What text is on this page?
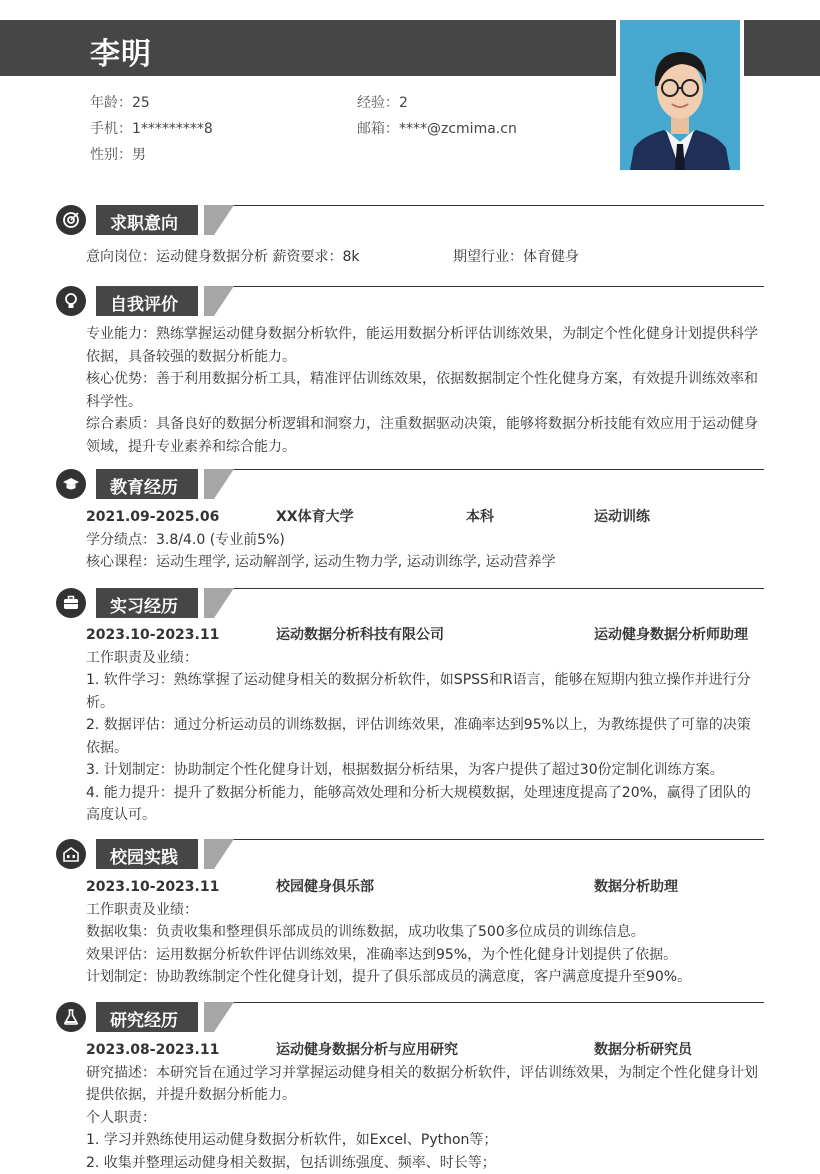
李明
年龄：25	经验：2
手机：1*********8	邮箱：****@zcmima.cn
性别：男
求职意向
意向岗位：运动健身数据分析 薪资要求：8k	期望行业：体育健身
自我评价

专业能力：熟练掌握运动健身数据分析软件，能运用数据分析评估训练效果，为制定个性化健身计划提供科学依据，具备较强的数据分析能力。

核心优势：善于利用数据分析工具，精准评估训练效果，依据数据制定个性化健身方案，有效提升训练效率和科学性。

综合素质：具备良好的数据分析逻辑和洞察力，注重数据驱动决策，能够将数据分析技能有效应用于运动健身领域，提升专业素养和综合能力。

教育经历
2021.09-2025.06	XX体育大学	本科	运动训练

学分绩点：3.8/4.0 (专业前5%)

核心课程：运动生理学, 运动解剖学, 运动生物力学, 运动训练学, 运动营养学

实习经历
2023.10-2023.11	运动数据分析科技有限公司	运动健身数据分析师助理

工作职责及业绩：

1. 软件学习：熟练掌握了运动健身相关的数据分析软件，如SPSS和R语言，能够在短期内独立操作并进行分析。

2. 数据评估：通过分析运动员的训练数据，评估训练效果，准确率达到95%以上，为教练提供了可靠的决策依据。

3. 计划制定：协助制定个性化健身计划，根据数据分析结果，为客户提供了超过30份定制化训练方案。

4. 能力提升：提升了数据分析能力，能够高效处理和分析大规模数据，处理速度提高了20%，赢得了团队的高度认可。

校园实践
2023.10-2023.11	校园健身俱乐部	数据分析助理

工作职责及业绩：

数据收集：负责收集和整理俱乐部成员的训练数据，成功收集了500多位成员的训练信息。

效果评估：运用数据分析软件评估训练效果，准确率达到95%，为个性化健身计划提供了依据。

计划制定：协助教练制定个性化健身计划，提升了俱乐部成员的满意度，客户满意度提升至90%。

研究经历
2023.08-2023.11	运动健身数据分析与应用研究	数据分析研究员

研究描述：本研究旨在通过学习并掌握运动健身相关的数据分析软件，评估训练效果，为制定个性化健身计划提供依据，并提升数据分析能力。

个人职责：

1. 学习并熟练使用运动健身数据分析软件，如Excel、Python等；

2. 收集并整理运动健身相关数据，包括训练强度、频率、时长等；
